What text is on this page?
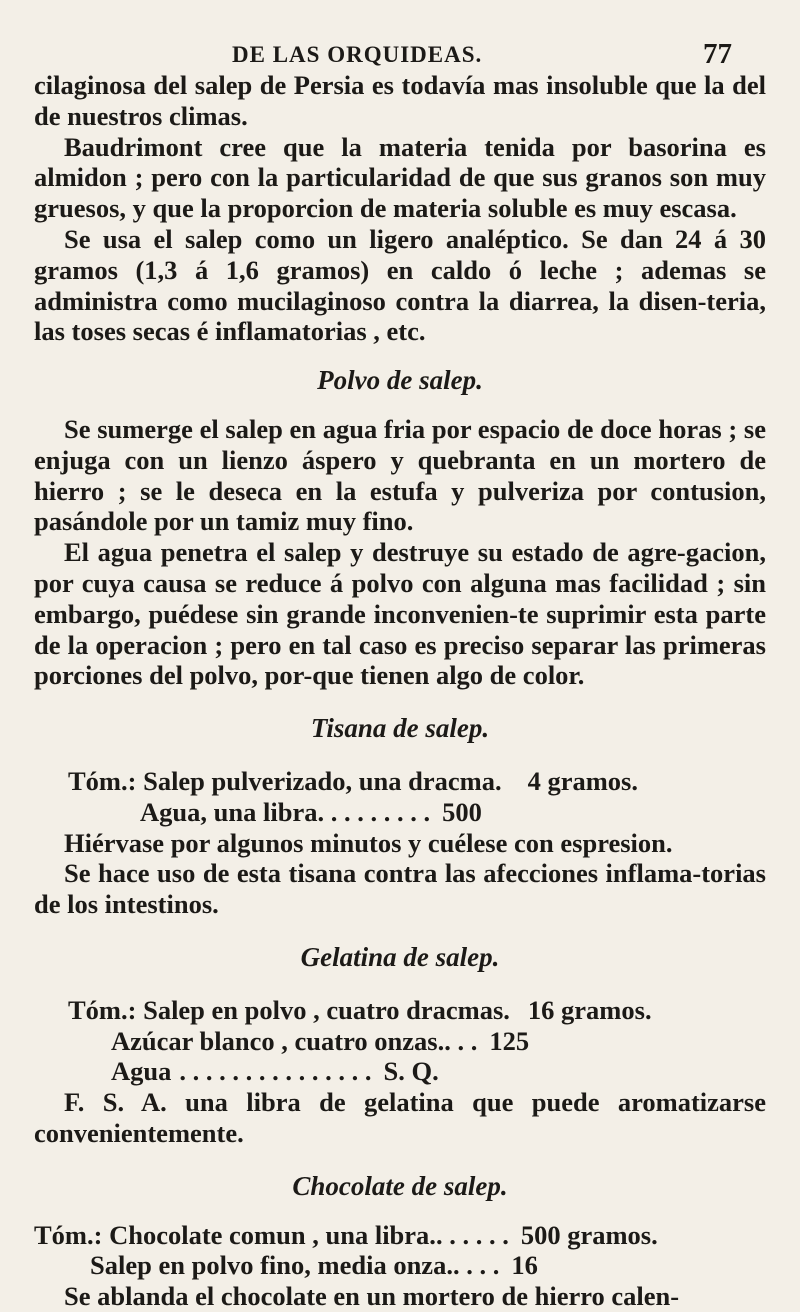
DE LAS ORQUIDEAS.	77

cilaginosa del salep de Persia es todavía mas insoluble que la del de nuestros climas.

Baudrimont cree que la materia tenida por basorina es almidon ; pero con la particularidad de que sus granos son muy gruesos, y que la proporcion de materia soluble es muy escasa.

Se usa el salep como un ligero analéptico. Se dan 24 á 30 gramos (1,3 á 1,6 gramos) en caldo ó leche ; ademas se administra como mucilaginoso contra la diarrea, la disen-teria, las toses secas é inflamatorias , etc.

Polvo de salep.

Se sumerge el salep en agua fria por espacio de doce horas ; se enjuga con un lienzo áspero y quebranta en un mortero de hierro ; se le deseca en la estufa y pulveriza por contusion, pasándole por un tamiz muy fino.

El agua penetra el salep y destruye su estado de agre-gacion, por cuya causa se reduce á polvo con alguna mas facilidad ; sin embargo, puédese sin grande inconvenien-te suprimir esta parte de la operacion ; pero en tal caso es preciso separar las primeras porciones del polvo, por-que tienen algo de color.

Tisana de salep.

Tóm.: Salep pulverizado, una dracma. 4 gramos.
Agua, una libra . . . . . . . . . 500

Hiérvase por algunos minutos y cuélese con espresion.

Se hace uso de esta tisana contra las afecciones inflama-torias de los intestinos.

Gelatina de salep.

Tóm.: Salep en polvo , cuatro dracmas. 16 gramos.
Azúcar blanco , cuatro onzas. . . . 125
Agua . . . . . . . . . . . . . . . S. Q.

F. S. A. una libra de gelatina que puede aromatizarse convenientemente.

Chocolate de salep.

Tóm.: Chocolate comun , una libra. . . . . . . 500 gramos.
Salep en polvo fino, media onza. . . . . 16

Se ablanda el chocolate en un mortero de hierro calen-
